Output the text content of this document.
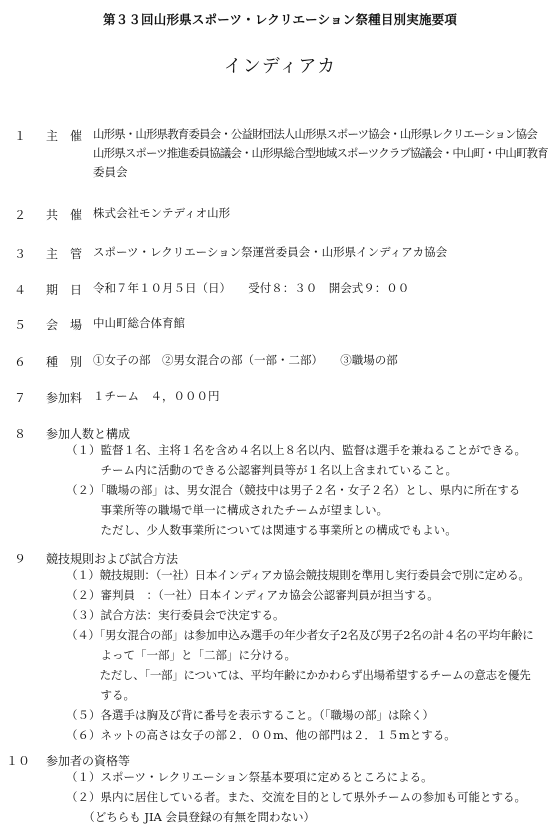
第３３回山形県スポーツ・レクリエーション祭種目別実施要項
インディアカ
１ 主　催 山形県・山形県教育委員会・公益財団法人山形県スポーツ協会・山形県レクリエーション協会
山形県スポーツ推進委員協議会・山形県総合型地域スポーツクラブ協議会・中山町・中山町教育
委員会
２ 共　催 株式会社モンテディオ山形
３ 主　管 スポーツ・レクリエーション祭運営委員会・山形県インディアカ協会
４ 期　日 令和７年１０月５日（日）　　受付８：３０　開会式９：００
５ 会　場 中山町総合体育館
６ 種　別 ①女子の部　②男女混合の部（一部・二部）　　③職場の部
７ 参加料 １チーム　４，０００円
８ 参加人数と構成
（１）監督１名、主将１名を含め４名以上８名以内、監督は選手を兼ねることができる。
　　　チーム内に活動のできる公認審判員等が１名以上含まれていること。
（２）「職場の部」は、男女混合（競技中は男子２名・女子２名）とし、県内に所在する
　　　事業所等の職場で単一に構成されたチームが望ましい。
　　　ただし、少人数事業所については関連する事業所との構成でもよい。
９ 競技規則および試合方法
（１）競技規則：（一社）日本インディアカ協会競技規則を準用し実行委員会で別に定める。
（２）審判員　：（一社）日本インディアカ協会公認審判員が担当する。
（３）試合方法：実行委員会で決定する。
（４）「男女混合の部」は参加申込み選手の年少者女子2名及び男子2名の計４名の平均年齢に
　　　よって「一部」と「二部」に分ける。
　　　ただし、「一部」については、平均年齢にかかわらず出場希望するチームの意志を優先
　　　する。
（５）各選手は胸及び背に番号を表示すること。（「職場の部」は除く）
（６）ネットの高さは女子の部２．００m、他の部門は２．１５mとする。
１０ 参加者の資格等
（１）スポーツ・レクリエーション祭基本要項に定めるところによる。
（２）県内に居住している者。また、交流を目的として県外チームの参加も可能とする。
　　（どちらも JIA 会員登録の有無を問わない）
